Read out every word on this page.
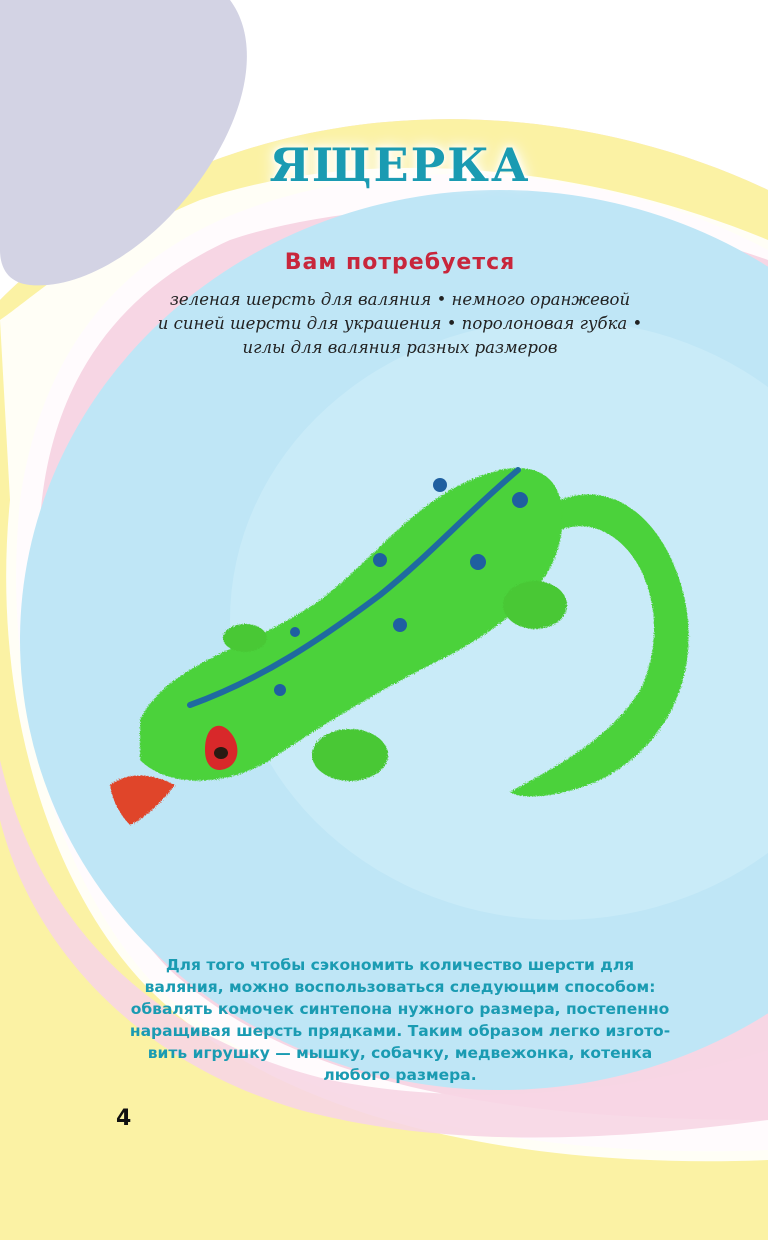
ЯЩЕРКА
Вам потребуется

зеленая шерсть для валяния • немного оранжевой
и синей шерсти для украшения • поролоновая губка •
иглы для валяния разных размеров

Для того чтобы сэкономить количество шерсти для
валяния, можно воспользоваться следующим способом:
обвалять комочек синтепона нужного размера, постепенно
наращивая шерсть прядками. Таким образом легко изгото-
вить игрушку — мышку, собачку, медвежонка, котенка
любого размера.

4
